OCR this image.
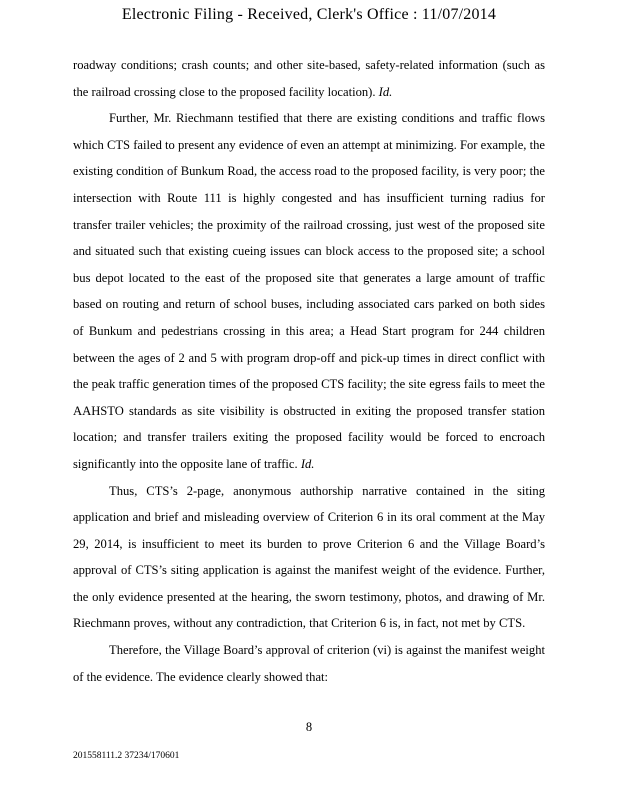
Electronic Filing - Received, Clerk's Office : 11/07/2014

roadway conditions; crash counts; and other site-based, safety-related information (such as the railroad crossing close to the proposed facility location). Id.

Further, Mr. Riechmann testified that there are existing conditions and traffic flows which CTS failed to present any evidence of even an attempt at minimizing. For example, the existing condition of Bunkum Road, the access road to the proposed facility, is very poor; the intersection with Route 111 is highly congested and has insufficient turning radius for transfer trailer vehicles; the proximity of the railroad crossing, just west of the proposed site and situated such that existing cueing issues can block access to the proposed site; a school bus depot located to the east of the proposed site that generates a large amount of traffic based on routing and return of school buses, including associated cars parked on both sides of Bunkum and pedestrians crossing in this area; a Head Start program for 244 children between the ages of 2 and 5 with program drop-off and pick-up times in direct conflict with the peak traffic generation times of the proposed CTS facility; the site egress fails to meet the AAHSTO standards as site visibility is obstructed in exiting the proposed transfer station location; and transfer trailers exiting the proposed facility would be forced to encroach significantly into the opposite lane of traffic. Id.

Thus, CTS’s 2-page, anonymous authorship narrative contained in the siting application and brief and misleading overview of Criterion 6 in its oral comment at the May 29, 2014, is insufficient to meet its burden to prove Criterion 6 and the Village Board’s approval of CTS’s siting application is against the manifest weight of the evidence. Further, the only evidence presented at the hearing, the sworn testimony, photos, and drawing of Mr. Riechmann proves, without any contradiction, that Criterion 6 is, in fact, not met by CTS.

Therefore, the Village Board’s approval of criterion (vi) is against the manifest weight of the evidence. The evidence clearly showed that:

8
201558111.2 37234/170601
